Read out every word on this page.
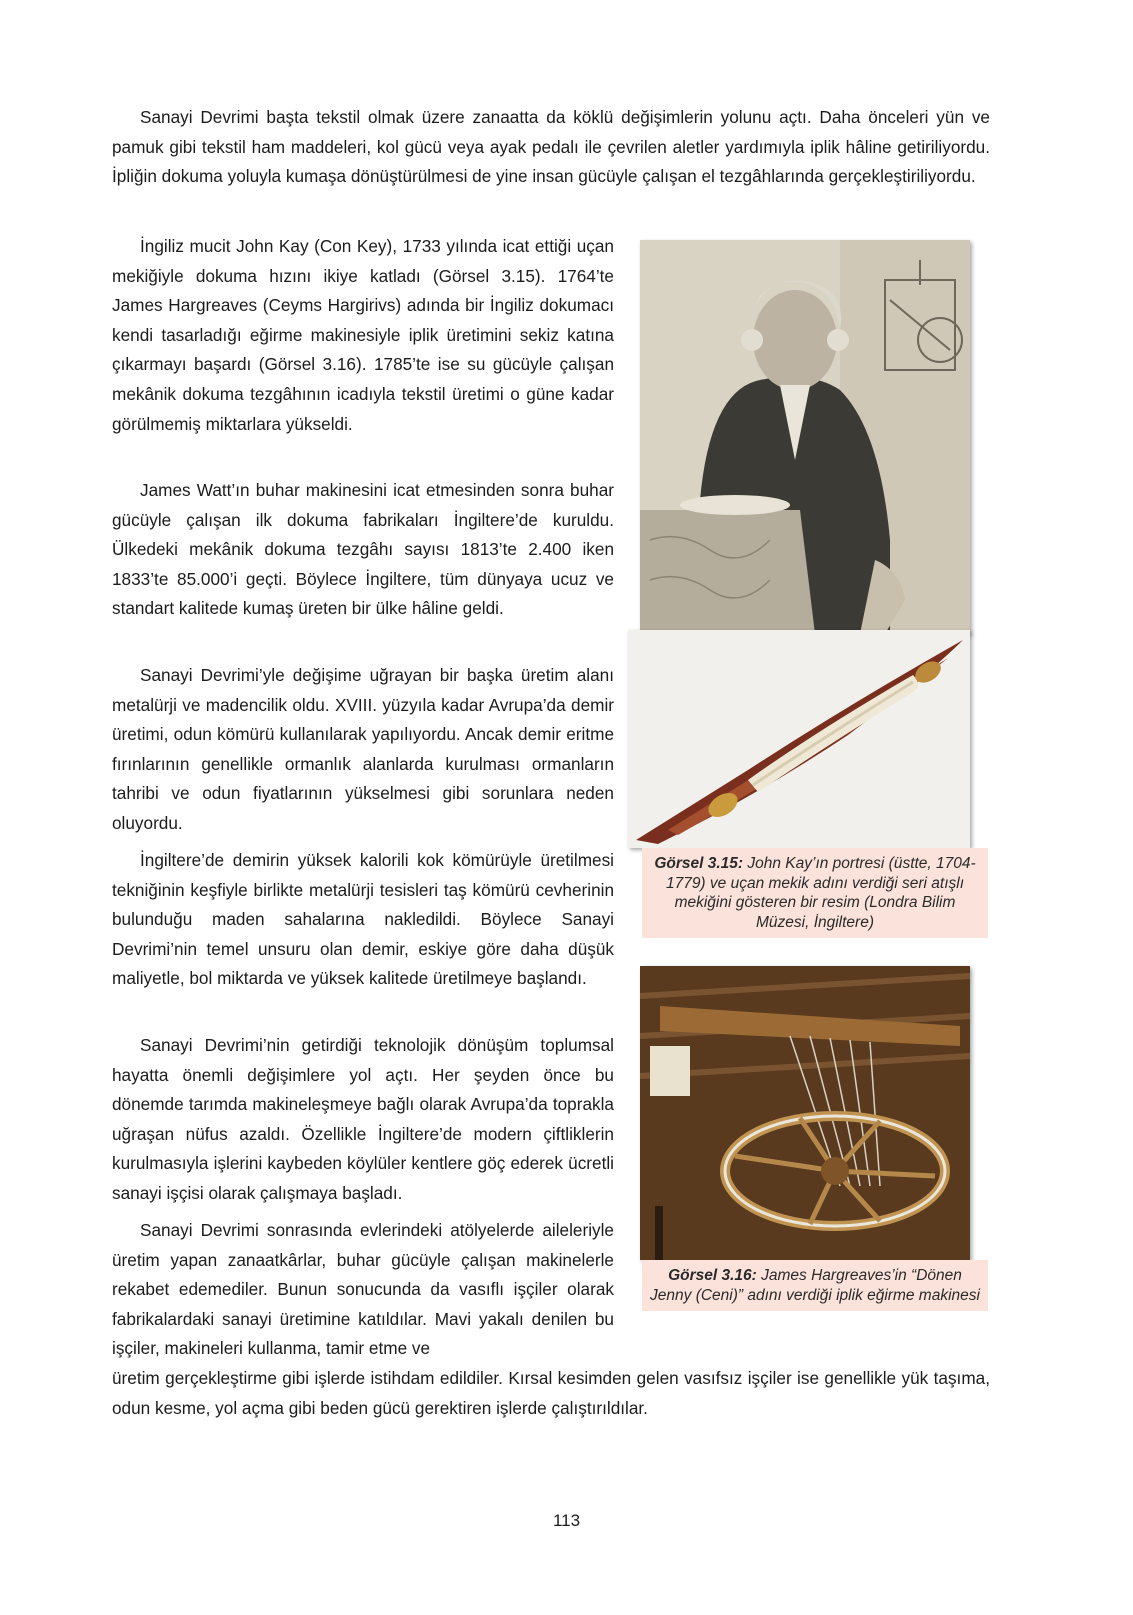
Sanayi Devrimi başta tekstil olmak üzere zanaatta da köklü değişimlerin yolunu açtı. Daha önceleri yün ve pamuk gibi tekstil ham maddeleri, kol gücü veya ayak pedalı ile çevrilen aletler yardımıyla iplik hâline getiriliyordu. İpliğin dokuma yoluyla kumaşa dönüştürülmesi de yine insan gücüyle çalışan el tezgâhlarında gerçekleştiriliyordu.

İngiliz mucit John Kay (Con Key), 1733 yılında icat ettiği uçan mekiğiyle dokuma hızını ikiye katladı (Görsel 3.15). 1764’te James Hargreaves (Ceyms Hargirivs) adında bir İngiliz dokumacı kendi tasarladığı eğirme makinesiyle iplik üretimini sekiz katına çıkarmayı başardı (Görsel 3.16). 1785’te ise su gücüyle çalışan mekânik dokuma tezgâhının icadıyla tekstil üretimi o güne kadar görülmemiş miktarlara yükseldi.

James Watt’ın buhar makinesini icat etmesinden sonra buhar gücüyle çalışan ilk dokuma fabrikaları İngiltere’de kuruldu. Ülkedeki mekânik dokuma tezgâhı sayısı 1813’te 2.400 iken 1833’te 85.000’i geçti. Böylece İngiltere, tüm dünyaya ucuz ve standart kalitede kumaş üreten bir ülke hâline geldi.

Sanayi Devrimi’yle değişime uğrayan bir başka üretim alanı metalürji ve madencilik oldu. XVIII. yüzyıla kadar Avrupa’da demir üretimi, odun kömürü kullanılarak yapılıyordu. Ancak demir eritme fırınlarının genellikle ormanlık alanlarda kurulması ormanların tahribi ve odun fiyatlarının yükselmesi gibi sorunlara neden oluyordu.

İngiltere’de demirin yüksek kalorili kok kömürüyle üretilmesi tekniğinin keşfiyle birlikte metalürji tesisleri taş kömürü cevherinin bulunduğu maden sahalarına nakledildi. Böylece Sanayi Devrimi’nin temel unsuru olan demir, eskiye göre daha düşük maliyetle, bol miktarda ve yüksek kalitede üretilmeye başlandı.

Sanayi Devrimi’nin getirdiği teknolojik dönüşüm toplumsal hayatta önemli değişimlere yol açtı. Her şeyden önce bu dönemde tarımda makineleşmeye bağlı olarak Avrupa’da toprakla uğraşan nüfus azaldı. Özellikle İngiltere’de modern çiftliklerin kurulmasıyla işlerini kaybeden köylüler kentlere göç ederek ücretli sanayi işçisi olarak çalışmaya başladı.

Sanayi Devrimi sonrasında evlerindeki atölyelerde aileleriyle üretim yapan zanaatkârlar, buhar gücüyle çalışan makinelerle rekabet edemediler. Bunun sonucunda da vasıflı işçiler olarak fabrikalardaki sanayi üretimine katıldılar. Mavi yakalı denilen bu işçiler, makineleri kullanma, tamir etme ve

üretim gerçekleştirme gibi işlerde istihdam edildiler. Kırsal kesimden gelen vasıfsız işçiler ise genellikle yük taşıma, odun kesme, yol açma gibi beden gücü gerektiren işlerde çalıştırıldılar.

Görsel 3.15: John Kay’ın portresi (üstte, 1704-1779) ve uçan mekik adını verdiği seri atışlı mekiğini gösteren bir resim (Londra Bilim Müzesi, İngiltere)
Görsel 3.16: James Hargreaves’in “Dönen Jenny (Ceni)” adını verdiği iplik eğirme makinesi
113
